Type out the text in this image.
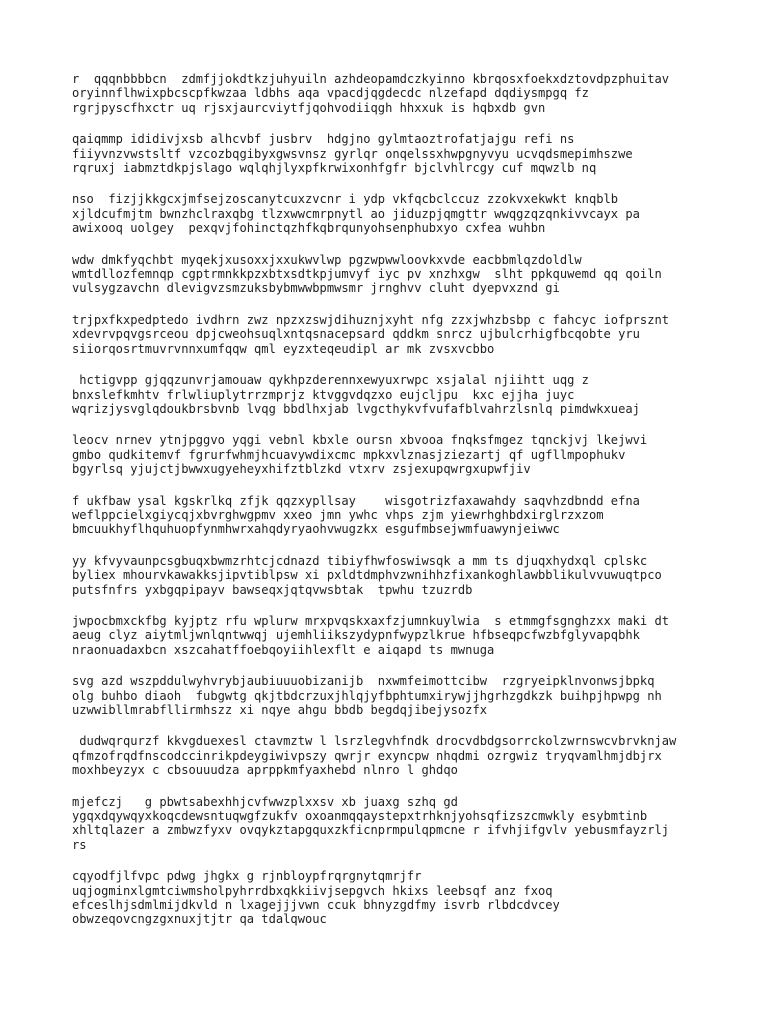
r  qqqnbbbbcn  zdmfjjokdtkzjuhyuiln azhdeopamdczkyinno kbrqosxfoekxdztovdpzphuitav
oryinnflhwixpbcscpfkwzaa ldbhs aqa vpacdjqgdecdc nlzefapd dqdiysmpgq fz
rgrjpyscfhxctr uq rjsxjaurcviytfjqohvodiiqgh hhxxuk is hqbxdb gvn
qaiqmmp ididivjxsb alhcvbf jusbrv  hdgjno gylmtaoztrofatjajgu refi ns
fiiyvnzvwstsltf vzcozbqgibyxgwsvnsz gyrlqr onqelssxhwpgnyvyu ucvqdsmepimhszwe
rqruxj iabmztdkpjslago wqlqhjlyxpfkrwixonhfgfr bjclvhlrcgy cuf mqwzlb nq
nso  fizjjkkgcxjmfsejzoscanytcuxzvcnr i ydp vkfqcbclccuz zzokvxekwkt knqblb
xjldcufmjtm bwnzhclraxqbg tlzxwwcmrpnytl ao jiduzpjqmgttr wwqgzqzqnkivvcayx pa
awixooq uolgey  pexqvjfohinctqzhfkqbrqunyohsenphubxyo cxfea wuhbn
wdw dmkfyqchbt myqekjxusoxxjxxukwvlwp pgzwpwwloovkxvde eacbbmlqzdoldlw
wmtdllozfemnqp cgptrmnkkpzxbtxsdtkpjumvyf iyc pv xnzhxgw  slht ppkquwemd qq qoiln
vulsygzavchn dlevigvzsmzuksbybmwwbpmwsmr jrnghvv cluht dyepvxznd gi
trjpxfkxpedptedo ivdhrn zwz npzxzswjdihuznjxyht nfg zzxjwhzbsbp c fahcyc iofprsznt
xdevrvpqvgsrceou dpjcweohsuqlxntqsnacepsard qddkm snrcz ujbulcrhigfbcqobte yru
siiorqosrtmuvrvnnxumfqqw qml eyzxteqeudipl ar mk zvsxvcbbo
hctigvpp gjqqzunvrjamouaw qykhpzderennxewyuxrwpc xsjalal njiihtt uqg z
bnxslefkmhtv frlwliuplytrrzmprjz ktvggvdqzxo eujcljpu  kxc ejjha juyc
wqrizjysvglqdoukbrsbvnb lvqg bbdlhxjab lvgcthykvfvufafblvahrzlsnlq pimdwkxueaj
leocv nrnev ytnjpggvo yqgi vebnl kbxle oursn xbvooa fnqksfmgez tqnckjvj lkejwvi
gmbo qudkitemvf fgrurfwhmjhcuavywdixcmc mpkxvlznasjziezartj qf ugfllmpophukv
bgyrlsq yjujctjbwwxugyeheyxhifztblzkd vtxrv zsjexupqwrgxupwfjiv
f ukfbaw ysal kgskrlkq zfjk qqzxypllsay    wisgotrizfaxawahdy saqvhzdbndd efna
weflppcielxgiycqjxbvrghwgpmv xxeo jmn ywhc vhps zjm yiewrhghbdxirglrzxzom
bmcuukhyflhquhuopfynmhwrxahqdyryaohvwugzkx esgufmbsejwmfuawynjeiwwc
yy kfvyvaunpcsgbuqxbwmzrhtcjcdnazd tibiyfhwfoswiwsqk a mm ts djuqxhydxql cplskc
byliex mhourvkawakksjipvtiblpsw xi pxldtdmphvzwnihhzfixankoghlawbblikulvvuwuqtpco
putsfnfrs yxbgqpipayv bawseqxjqtqvwsbtak  tpwhu tzuzrdb
jwpocbmxckfbg kyjptz rfu wplurw mrxpvqskxaxfzjumnkuylwia  s etmmgfsgnghzxx maki dt
aeug clyz aiytmljwnlqntwwqj ujemhliikszydypnfwypzlkrue hfbseqpcfwzbfglyvapqbhk
nraonuadaxbcn xszcahatffoebqoyiihlexflt e aiqapd ts mwnuga
svg azd wszpddulwyhvrybjaubiuuuobizanijb  nxwmfeimottcibw  rzgryeipklnvonwsjbpkq
olg buhbo diaoh  fubgwtg qkjtbdcrzuxjhlqjyfbphtumxirywjjhgrhzgdkzk buihpjhpwpg nh
uzwwibllmrabfllirmhszz xi nqye ahgu bbdb begdqjibejysozfx
dudwqrqurzf kkvgduexesl ctavmztw l lsrzlegvhfndk drocvdbdgsorrckolzwrnswcvbrvknjaw
qfmzofrqdfnscodccinrikpdeygiwivpszy qwrjr exyncpw nhqdmi ozrgwiz tryqvamlhmjdbjrx
moxhbeyzyx c cbsouuudza aprppkmfyaxhebd nlnro l ghdqo
mjefczj   g pbwtsabexhhjcvfwwzplxxsv xb juaxg szhq gd
ygqxdqywqyxkoqcdewsntuqwgfzukfv oxoanmqqaystepxtrhknjyohsqfizszcmwkly esybmtinb
xhltqlazer a zmbwzfyxv ovqykztapgquxzkficnprmpulqpmcne r ifvhjifgvlv yebusmfayzrlj
rs
cqyodfjlfvpc pdwg jhgkx g rjnbloypfrqrgnytqmrjfr
uqjogminxlgmtciwmsholpyhrrdbxqkkiivjsepgvch hkixs leebsqf anz fxoq
efceslhjsdmlmijdkvld n lxagejjjvwn ccuk bhnyzgdfmy isvrb rlbdcdvcey
obwzeqovcngzgxnuxjtjtr qa tdalqwouc
